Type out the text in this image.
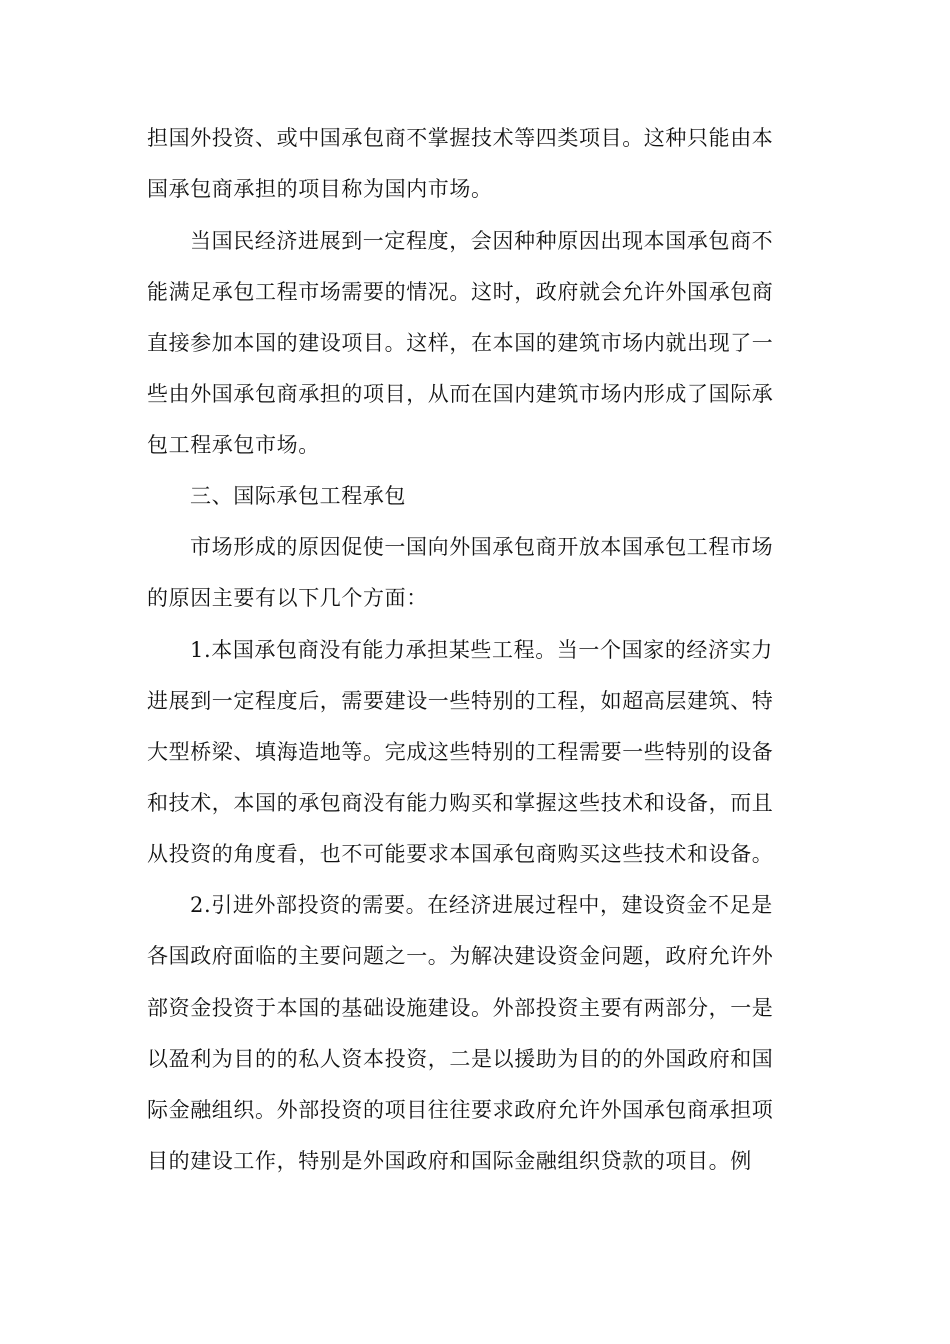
担国外投资、或中国承包商不掌握技术等四类项目。这种只能由本
国承包商承担的项目称为国内市场。
当国民经济进展到一定程度，会因种种原因出现本国承包商不
能满足承包工程市场需要的情况。这时，政府就会允许外国承包商
直接参加本国的建设项目。这样，在本国的建筑市场内就出现了一
些由外国承包商承担的项目，从而在国内建筑市场内形成了国际承
包工程承包市场。
三、国际承包工程承包
市场形成的原因促使一国向外国承包商开放本国承包工程市场
的原因主要有以下几个方面：
1.本国承包商没有能力承担某些工程。当一个国家的经济实力
进展到一定程度后，需要建设一些特别的工程，如超高层建筑、特
大型桥梁、填海造地等。完成这些特别的工程需要一些特别的设备
和技术，本国的承包商没有能力购买和掌握这些技术和设备，而且
从投资的角度看，也不可能要求本国承包商购买这些技术和设备。
2.引进外部投资的需要。在经济进展过程中，建设资金不足是
各国政府面临的主要问题之一。为解决建设资金问题，政府允许外
部资金投资于本国的基础设施建设。外部投资主要有两部分，一是
以盈利为目的的私人资本投资，二是以援助为目的的外国政府和国
际金融组织。外部投资的项目往往要求政府允许外国承包商承担项
目的建设工作，特别是外国政府和国际金融组织贷款的项目。例
